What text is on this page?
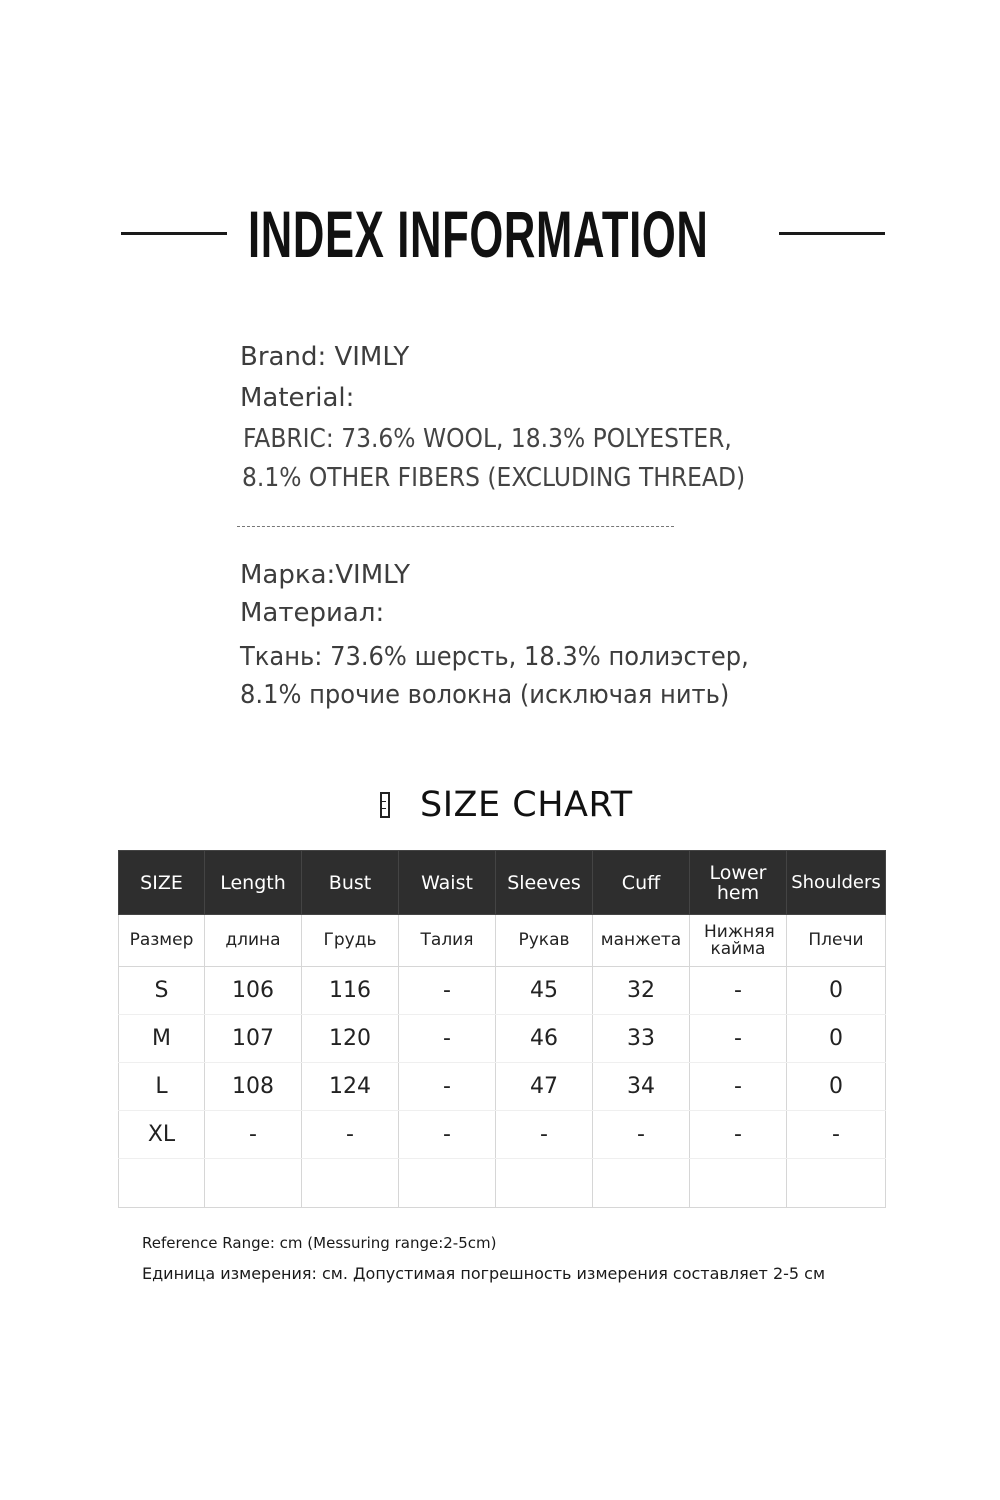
INDEX INFORMATION
Brand: VIMLY
Material:
FABRIC: 73.6% WOOL, 18.3% POLYESTER,
8.1% OTHER FIBERS (EXCLUDING THREAD)
Марка:VIMLY
Материал:
Ткань: 73.6% шерсть, 18.3% полиэстер,
8.1% прочие волокна (исключая нить)
SIZE CHART
SIZE	Length	Bust	Waist	Sleeves	Cuff	Lower hem	Shoulders
Размер	длина	Грудь	Талия	Рукав	манжета	Нижняя кайма	Плечи
S	106	116	-	45	32	-	0
M	107	120	-	46	33	-	0
L	108	124	-	47	34	-	0
XL	-	-	-	-	-	-	-

Reference Range: cm (Messuring range:2-5cm)
Единица измерения: см. Допустимая погрешность измерения составляет 2-5 см
